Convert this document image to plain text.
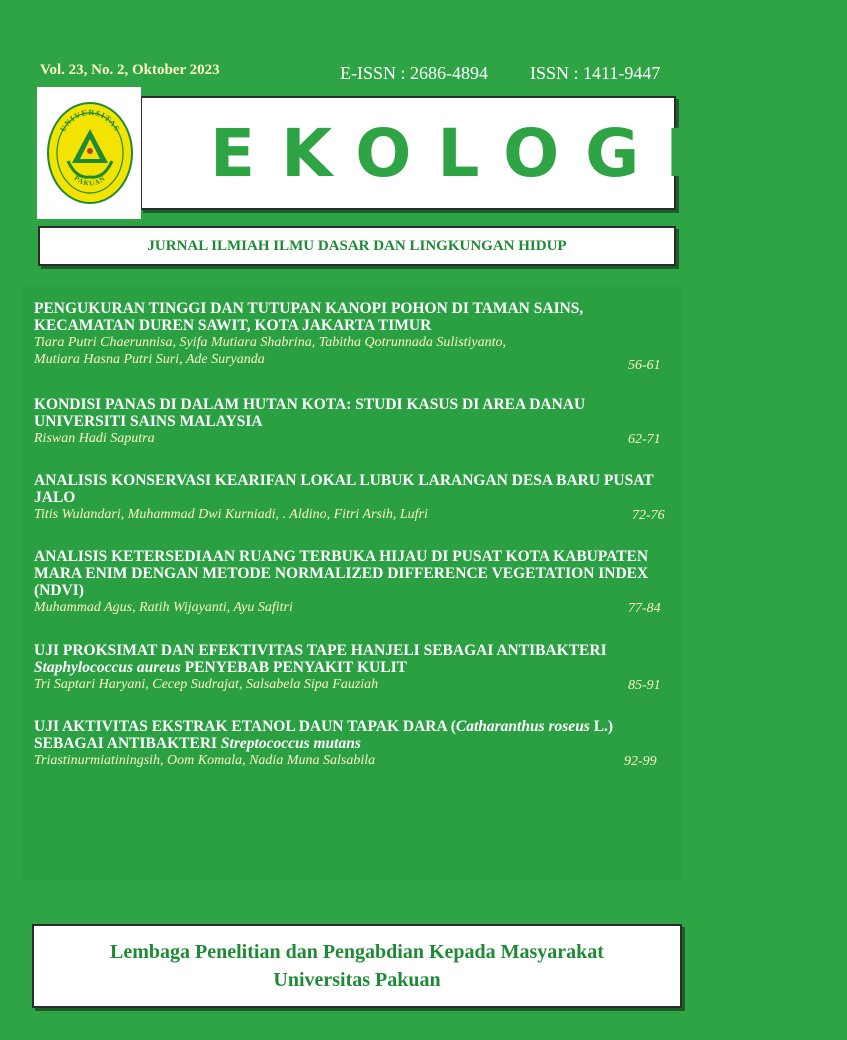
Vol. 23, No. 2, Oktober 2023	E-ISSN : 2686-4894 ISSN : 1411-9447
EKOLOGIA:
UNIVERSITAS
PAKUAN
JURNAL ILMIAH ILMU DASAR DAN LINGKUNGAN HIDUP
PENGUKURAN TINGGI DAN TUTUPAN KANOPI POHON DI TAMAN SAINS,
KECAMATAN DUREN SAWIT, KOTA JAKARTA TIMUR
Tiara Putri Chaerunnisa, Syifa Mutiara Shabrina, Tabitha Qotrunnada Sulistiyanto,
Mutiara Hasna Putri Suri, Ade Suryanda	56-61
KONDISI PANAS DI DALAM HUTAN KOTA: STUDI KASUS DI AREA DANAU
UNIVERSITI SAINS MALAYSIA
Riswan Hadi Saputra	62-71
ANALISIS KONSERVASI KEARIFAN LOKAL LUBUK LARANGAN DESA BARU PUSAT
JALO
Titis Wulandari, Muhammad Dwi Kurniadi, . Aldino, Fitri Arsih, Lufri	72-76
ANALISIS KETERSEDIAAN RUANG TERBUKA HIJAU DI PUSAT KOTA KABUPATEN
MARA ENIM DENGAN METODE NORMALIZED DIFFERENCE VEGETATION INDEX
(NDVI)
Muhammad Agus, Ratih Wijayanti, Ayu Safitri	77-84
UJI PROKSIMAT DAN EFEKTIVITAS TAPE HANJELI SEBAGAI ANTIBAKTERI
Staphylococcus aureus PENYEBAB PENYAKIT KULIT
Tri Saptari Haryani, Cecep Sudrajat, Salsabela Sipa Fauziah	85-91
UJI AKTIVITAS EKSTRAK ETANOL DAUN TAPAK DARA (Catharanthus roseus L.)
SEBAGAI ANTIBAKTERI Streptococcus mutans
Triastinurmiatiningsih, Oom Komala, Nadia Muna Salsabila	92-99
Lembaga Penelitian dan Pengabdian Kepada Masyarakat
Universitas Pakuan
